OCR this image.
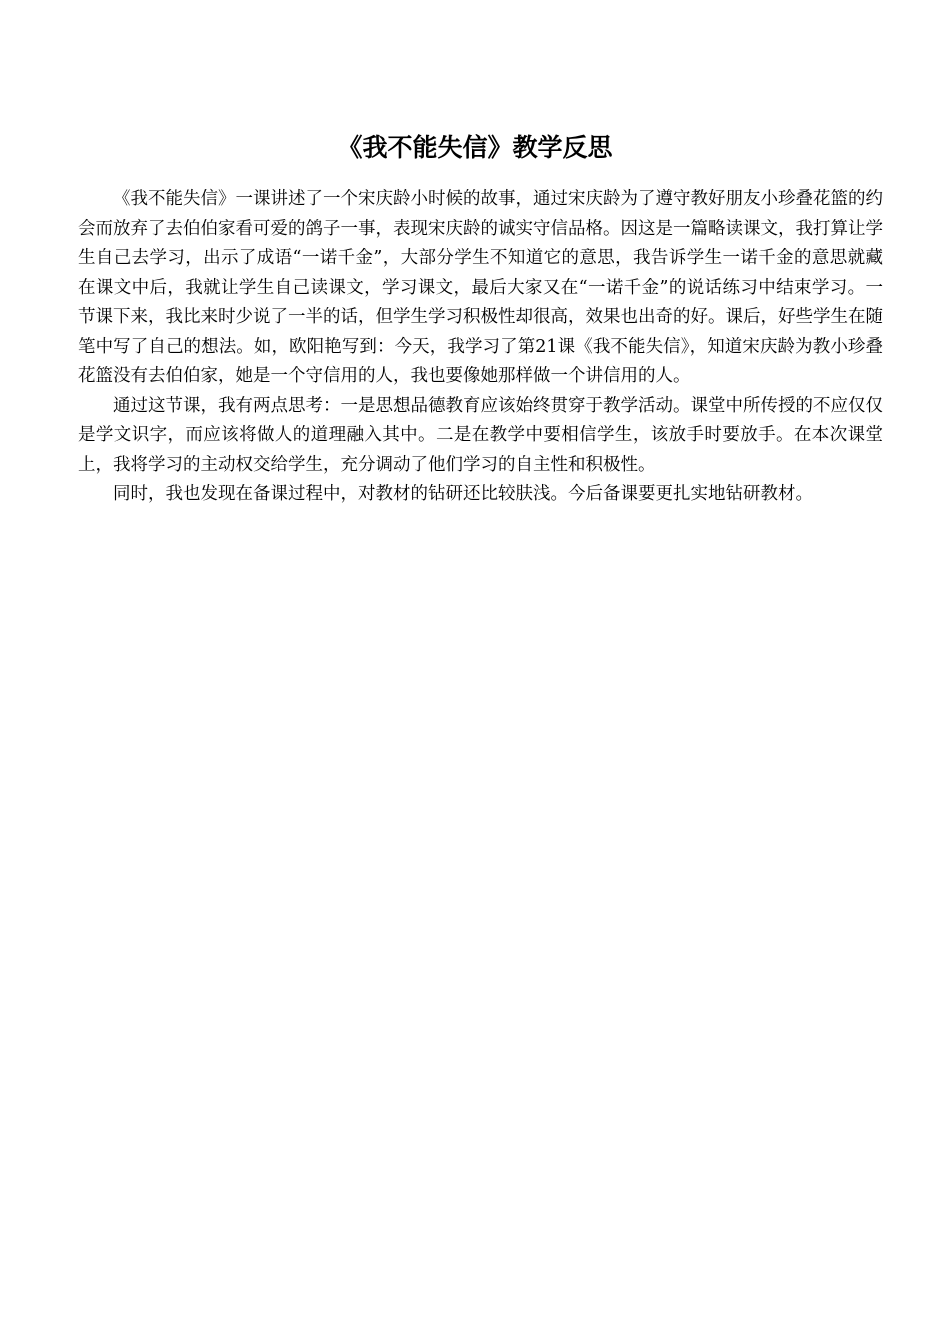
《我不能失信》教学反思

《我不能失信》一课讲述了一个宋庆龄小时候的故事，通过宋庆龄为了遵守教好朋友小珍叠花篮的约会而放弃了去伯伯家看可爱的鸽子一事，表现宋庆龄的诚实守信品格。因这是一篇略读课文，我打算让学生自己去学习，出示了成语“一诺千金”，大部分学生不知道它的意思，我告诉学生一诺千金的意思就藏在课文中后，我就让学生自己读课文，学习课文，最后大家又在“一诺千金”的说话练习中结束学习。一节课下来，我比来时少说了一半的话，但学生学习积极性却很高，效果也出奇的好。课后，好些学生在随笔中写了自己的想法。如，欧阳艳写到：今天，我学习了第21课《我不能失信》，知道宋庆龄为教小珍叠花篮没有去伯伯家，她是一个守信用的人，我也要像她那样做一个讲信用的人。

通过这节课，我有两点思考：一是思想品德教育应该始终贯穿于教学活动。课堂中所传授的不应仅仅是学文识字，而应该将做人的道理融入其中。二是在教学中要相信学生，该放手时要放手。在本次课堂上，我将学习的主动权交给学生，充分调动了他们学习的自主性和积极性。

同时，我也发现在备课过程中，对教材的钻研还比较肤浅。今后备课要更扎实地钻研教材。
